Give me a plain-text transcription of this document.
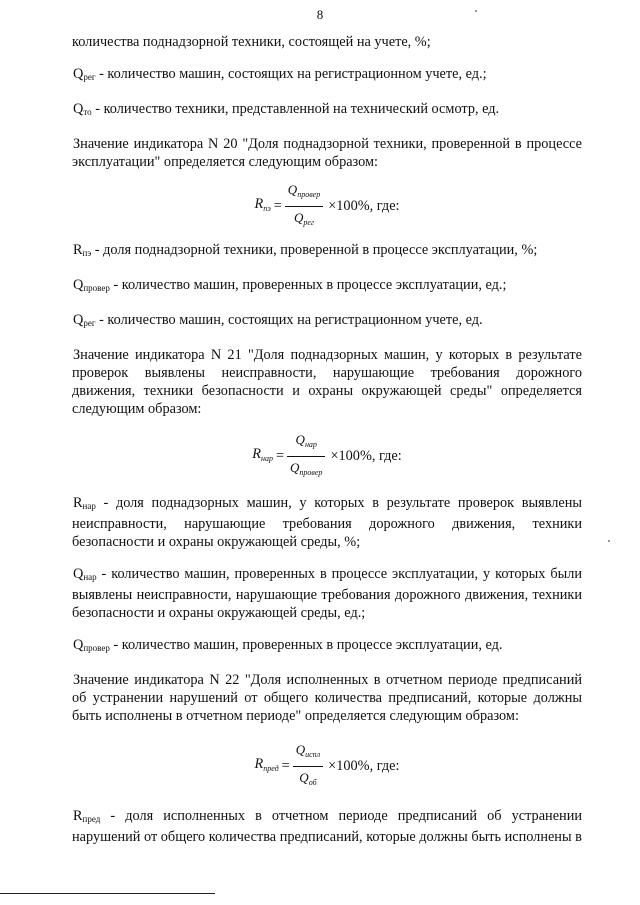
8
количества поднадзорной техники, состоящей на учете, %;
$Q_{рег}$ - количество машин, состоящих на регистрационном учете, ед.;
$Q_{то}$ - количество техники, представленной на технический осмотр, ед.
Значение индикатора N 20 "Доля поднадзорной техники, проверенной в процессе эксплуатации" определяется следующим образом:
$R_{пэ} = \frac{Q_{провер}}{Q_{рег}} \times 100\%$, где:
$R_{пэ}$ - доля поднадзорной техники, проверенной в процессе эксплуатации, %;
$Q_{провер}$ - количество машин, проверенных в процессе эксплуатации, ед.;
$Q_{рег}$ - количество машин, состоящих на регистрационном учете, ед.
Значение индикатора N 21 "Доля поднадзорных машин, у которых в результате проверок выявлены неисправности, нарушающие требования дорожного движения, техники безопасности и охраны окружающей среды" определяется следующим образом:
$R_{нар} = \frac{Q_{нар}}{Q_{провер}} \times 100\%$, где:
$R_{нар}$ - доля поднадзорных машин, у которых в результате проверок выявлены неисправности, нарушающие требования дорожного движения, техники безопасности и охраны окружающей среды, %;
$Q_{нар}$ - количество машин, проверенных в процессе эксплуатации, у которых были выявлены неисправности, нарушающие требования дорожного движения, техники безопасности и охраны окружающей среды, ед.;
$Q_{провер}$ - количество машин, проверенных в процессе эксплуатации, ед.
Значение индикатора N 22 "Доля исполненных в отчетном периоде предписаний об устранении нарушений от общего количества предписаний, которые должны быть исполнены в отчетном периоде" определяется следующим образом:
$R_{пред} = \frac{Q_{испл}}{Q_{об}} \times 100\%$, где:
$R_{пред}$ - доля исполненных в отчетном периоде предписаний об устранении нарушений от общего количества предписаний, которые должны быть исполнены в
